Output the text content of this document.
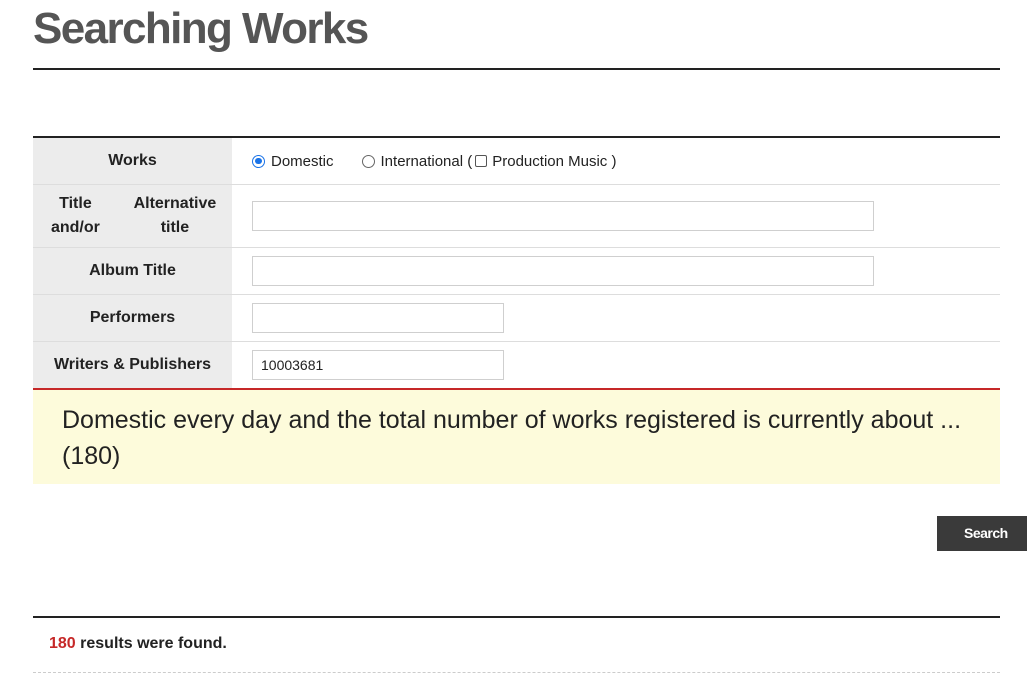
Searching Works
Works	Domestic	International ( Production Music )
Title and/or

Alternative title
Album Title
Performers
Writers & Publishers
10003681
Domestic every day and the total number of works registered is currently about ...(180)
Search
180 results were found.
